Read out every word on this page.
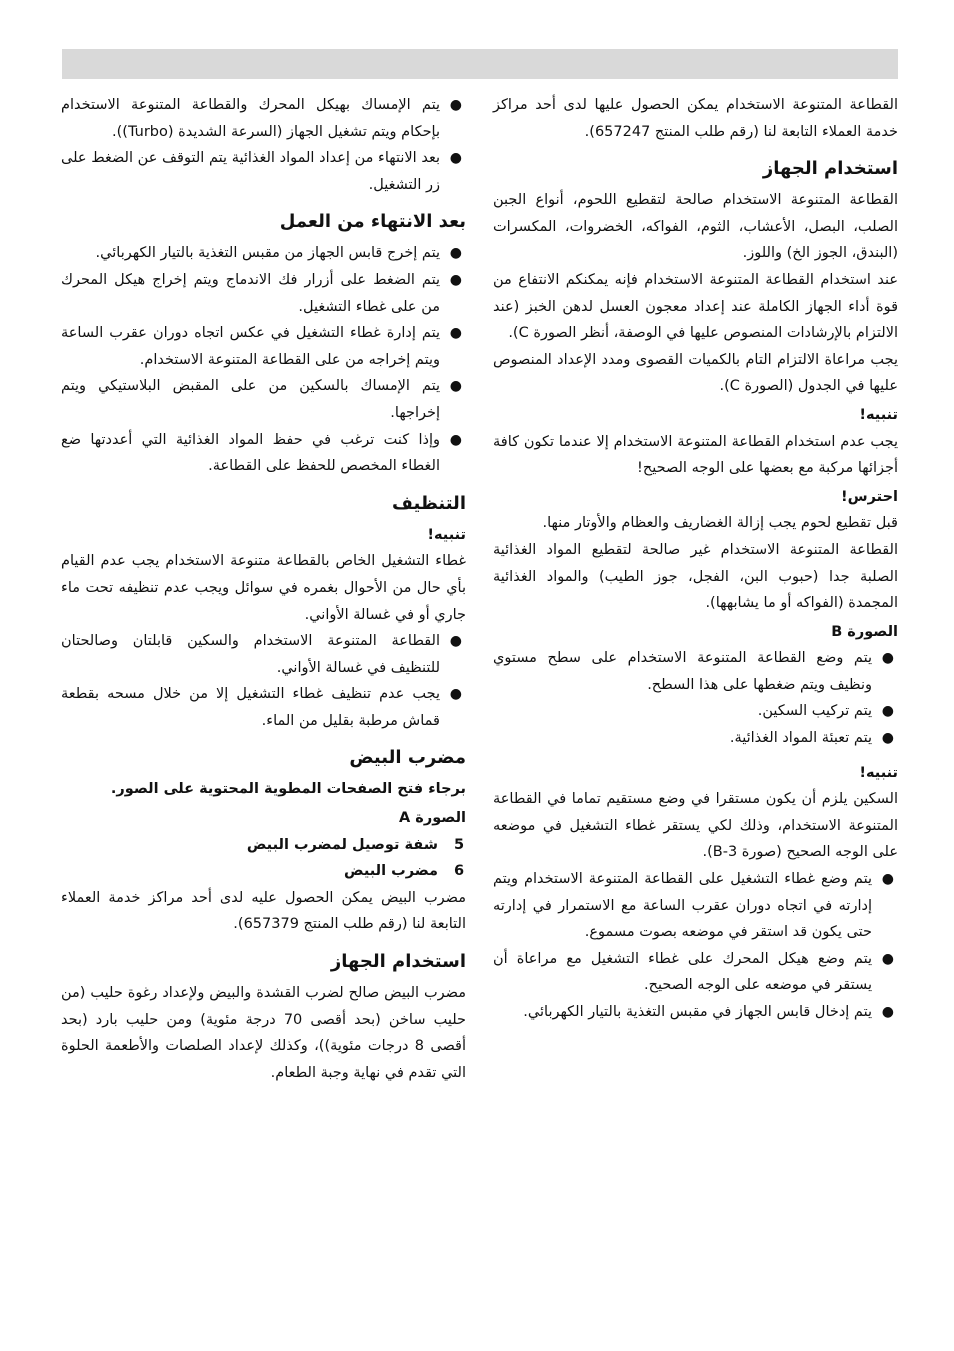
القطاعة المتنوعة الاستخدام يمكن الحصول عليها لدى أحد مراكز خدمة العملاء التابعة لنا (رقم طلب المنتج 657247).

استخدام الجهاز

القطاعة المتنوعة الاستخدام صالحة لتقطيع اللحوم، أنواع الجبن الصلب، البصل، الأعشاب، الثوم، الفواكه، الخضروات، المكسرات (البندق، الجوز الخ) واللوز.

عند استخدام القطاعة المتنوعة الاستخدام فإنه يمكنكم الانتفاع من قوة أداء الجهاز الكاملة عند إعداد معجون العسل لدهن الخبز (عند الالتزام بالإرشادات المنصوص عليها في الوصفة، أنظر الصورة C).

يجب مراعاة الالتزام التام بالكميات القصوى ومدد الإعداد المنصوص عليها في الجدول (الصورة C).

تنبيه!

يجب عدم استخدام القطاعة المتنوعة الاستخدام إلا عندما تكون كافة أجزائها مركبة مع بعضها على الوجه الصحيح!

احترس!

قبل تقطيع لحوم يجب إزالة الغضاريف والعظام والأوتار منها.

القطاعة المتنوعة الاستخدام غير صالحة لتقطيع المواد الغذائية الصلبة جدا (حبوب البن، الفجل، جوز الطيب) والمواد الغذائية المجمدة (الفواكه أو ما يشابهها).

الصورة B
●
يتم وضع القطاعة المتنوعة الاستخدام على سطح مستوي ونظيف ويتم ضغطها على هذا السطح.
●
يتم تركيب السكين.
●
يتم تعبئة المواد الغذائية.
تنبيه!

السكين يلزم أن يكون مستقرا في وضع مستقيم تماما في القطاعة المتنوعة الاستخدام، وذلك لكي يستقر غطاء التشغيل في موضعه على الوجه الصحيح (صورة B-3).

●
يتم وضع غطاء التشغيل على القطاعة المتنوعة الاستخدام ويتم إدارته في اتجاه دوران عقرب الساعة مع الاستمرار في إدارته حتى يكون قد استقر في موضعه بصوت مسموع.
●
يتم وضع هيكل المحرك على غطاء التشغيل مع مراعاة أن يستقر في موضعه على الوجه الصحيح.
●
يتم إدخال قابس الجهاز في مقبس التغذية بالتيار الكهربائي.
●
يتم الإمساك بهيكل المحرك والقطاعة المتنوعة الاستخدام بإحكام ويتم تشغيل الجهاز (السرعة الشديدة (Turbo)).
●
بعد الانتهاء من إعداد المواد الغذائية يتم التوقف عن الضغط على زر التشغيل.
بعد الانتهاء من العمل
●
يتم إخرج قابس الجهاز من مقبس التغذية بالتيار الكهربائي.
●
يتم الضغط على أزرار فك الاندماج ويتم إخراج هيكل المحرك من على غطاء التشغيل.
●
يتم إدارة غطاء التشغيل في عكس اتجاه دوران عقرب الساعة ويتم إخراجه من على القطاعة المتنوعة الاستخدام.
●
يتم الإمساك بالسكين من على المقبض البلاستيكي ويتم إخراجها.
●
وإذا كنت ترغب في حفظ المواد الغذائية التي أعددتها ضع الغطاء المخصص للحفظ على القطاعة.
التنظيف
تنبيه!

غطاء التشغيل الخاص بالقطاعة متنوعة الاستخدام يجب عدم القيام بأي حال من الأحوال بغمره في سوائل ويجب عدم تنظيفه تحت ماء جاري أو في غسالة الأواني.

●
القطاعة المتنوعة الاستخدام والسكين قابلتان وصالحتان للتنظيف في غسالة الأواني.
●
يجب عدم تنظيف غطاء التشغيل إلا من خلال مسحه بقطعة قماش مرطبة بقليل من الماء.
مضرب البيض
برجاء فتح الصفحات المطوية المحتوية على الصور.
الصورة A
5
شفة توصيل لمضرب البيض
6
مضرب البيض

مضرب البيض يمكن الحصول عليه لدى أحد مراكز خدمة العملاء التابعة لنا (رقم طلب المنتج 657379).

استخدام الجهاز

مضرب البيض صالح لضرب القشدة والبيض ولإعداد رغوة حليب (من حليب ساخن (بحد أقصى 70 درجة مئوية) ومن حليب بارد (بحد أقصى 8 درجات مئوية))، وكذلك لإعداد الصلصات والأطعمة الحلوة التي تقدم في نهاية وجبة الطعام.
